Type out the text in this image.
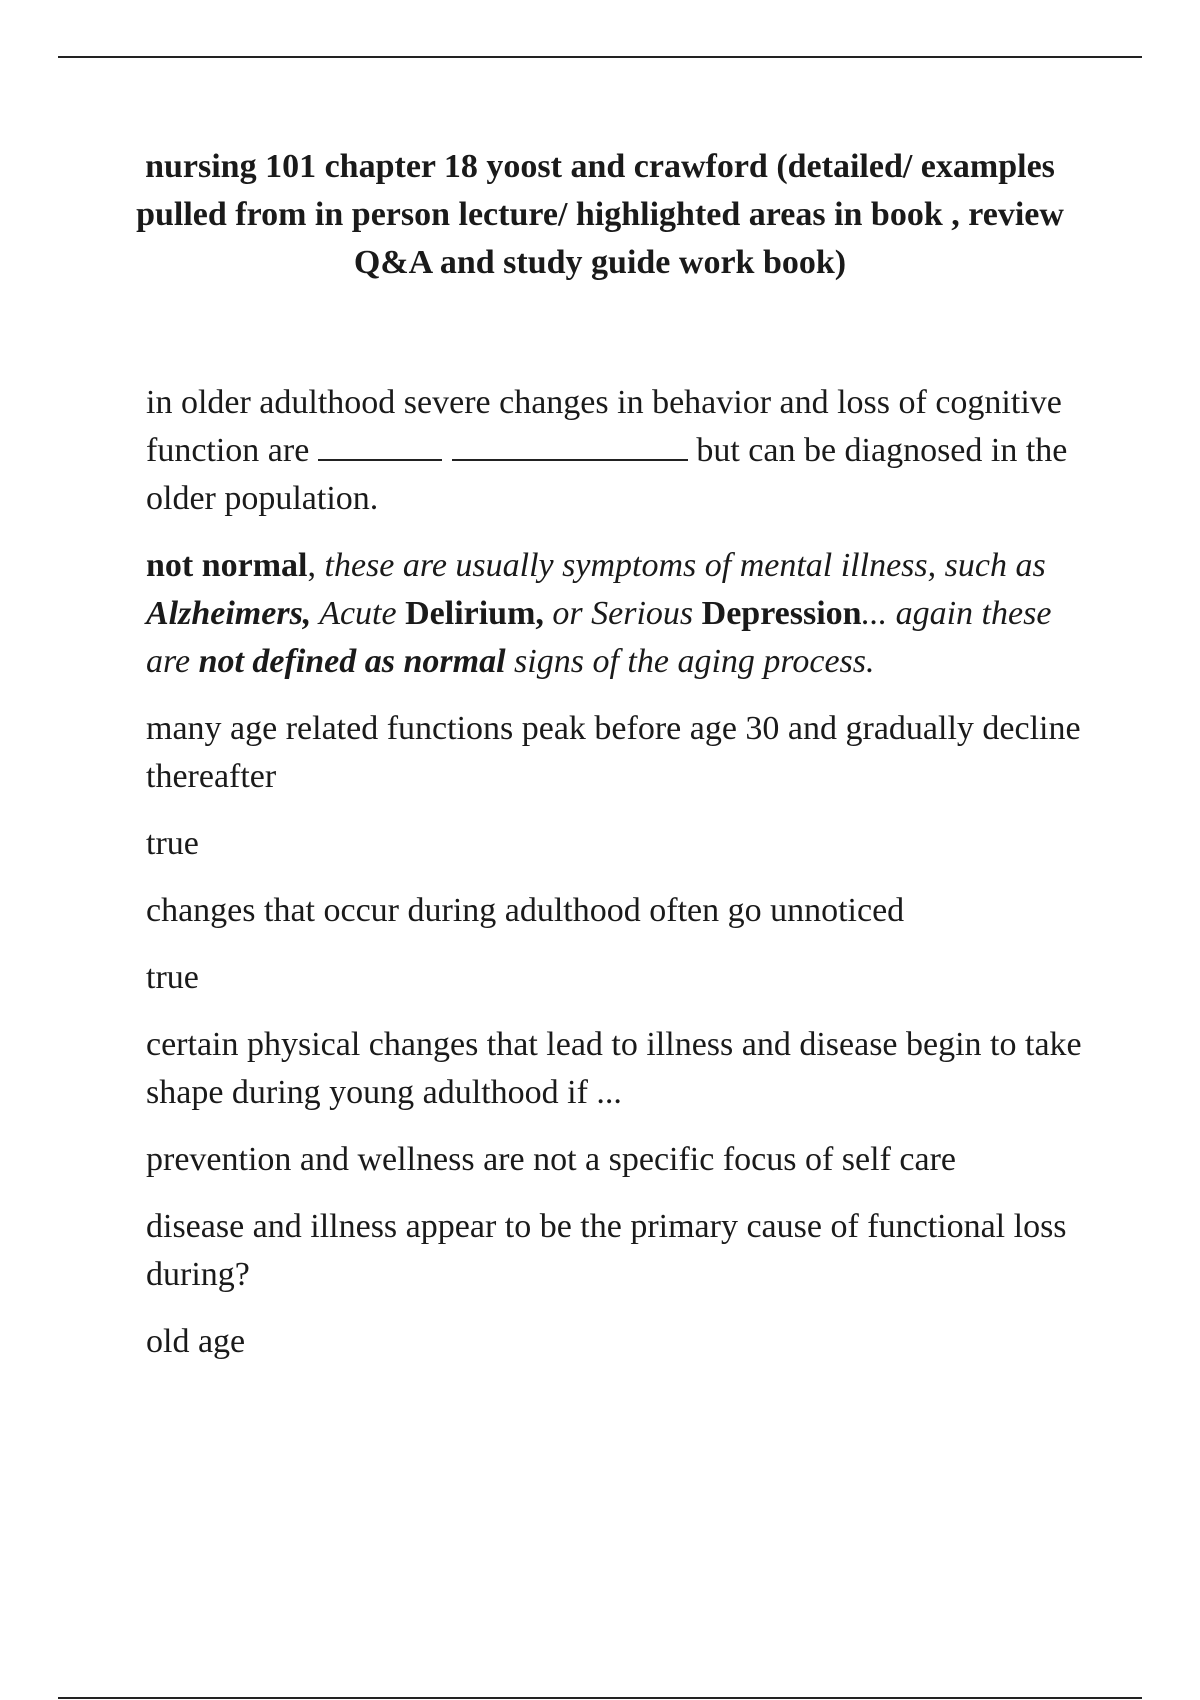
nursing 101 chapter 18 yoost and crawford (detailed/ examples pulled from in person lecture/ highlighted areas in book , review Q&A and study guide work book)

in older adulthood severe changes in behavior and loss of cognitive function are	but can be diagnosed in the older population.

not normal, these are usually symptoms of mental illness, such as Alzheimers, Acute Delirium, or Serious Depression... again these are not defined as normal signs of the aging process.

many age related functions peak before age 30 and gradually decline thereafter

true

changes that occur during adulthood often go unnoticed

true

certain physical changes that lead to illness and disease begin to take shape during young adulthood if ...

prevention and wellness are not a specific focus of self care

disease and illness appear to be the primary cause of functional loss during?

old age
